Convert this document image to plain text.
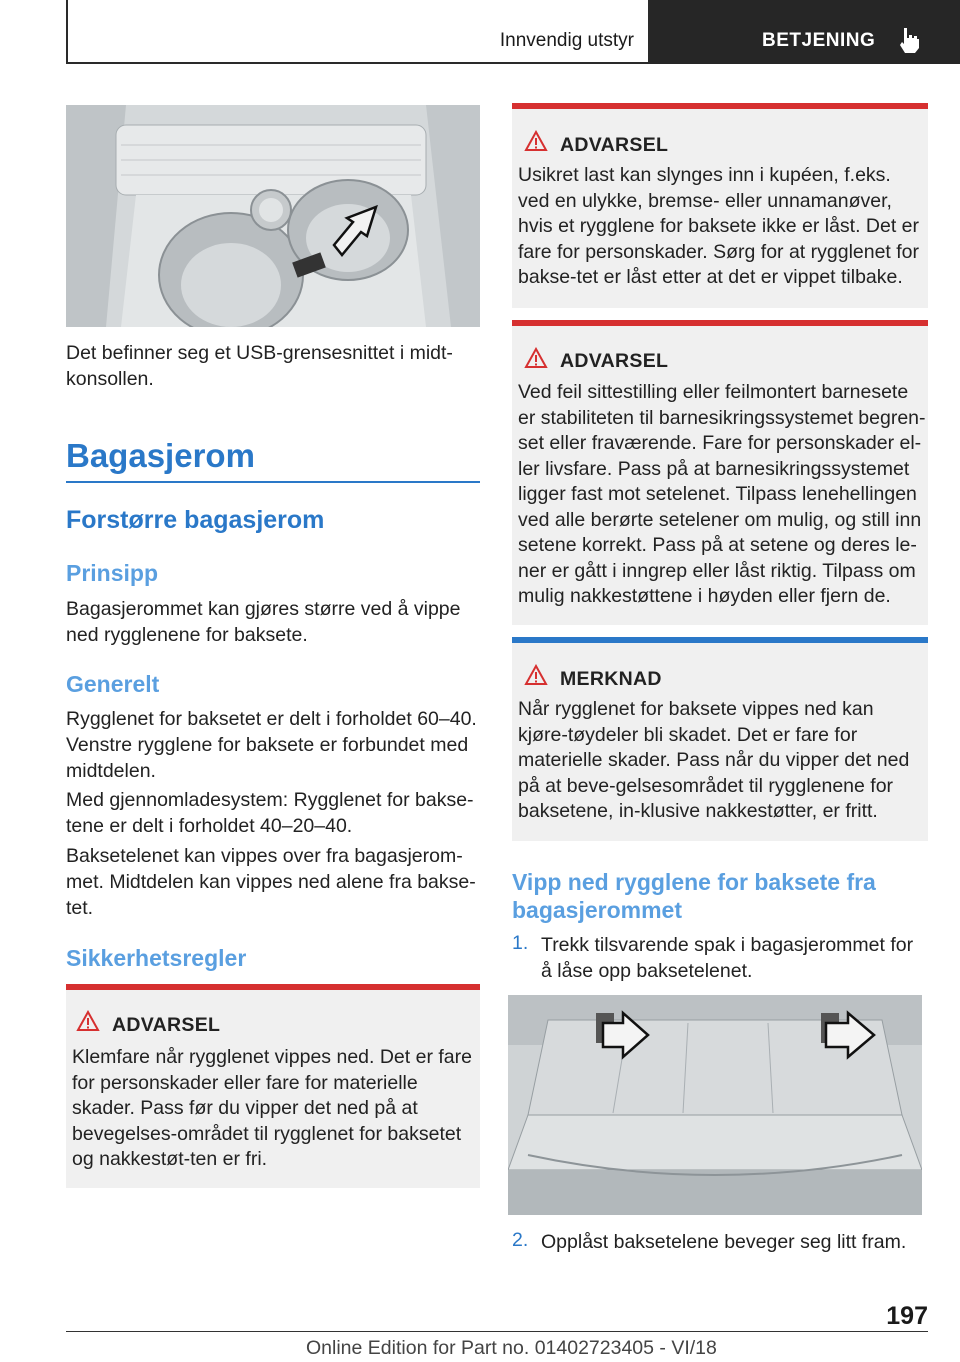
Innvendig utstyr	BETJENING

Det befinner seg et USB-grensesnittet i midt-konsollen.

Bagasjerom
Forstørre bagasjerom
Prinsipp

Bagasjerommet kan gjøres større ved å vippe ned rygglenene for baksete.

Generelt

Rygglenet for baksetet er delt i forholdet 60–40. Venstre rygglene for baksete er forbundet med midtdelen.

Med gjennomladesystem: Rygglenet for bakse-tene er delt i forholdet 40–20–40.

Baksetelenet kan vippes over fra bagasjerom-met. Midtdelen kan vippes ned alene fra bakse-tet.

Sikkerhetsregler
ADVARSEL

Klemfare når rygglenet vippes ned. Det er fare for personskader eller fare for materielle skader. Pass før du vipper det ned på at bevegelses-området til rygglenet for baksetet og nakkestøt-ten er fri.

ADVARSEL

Usikret last kan slynges inn i kupéen, f.eks. ved en ulykke, bremse- eller unnamanøver, hvis et rygglene for baksete ikke er låst. Det er fare for personskader. Sørg for at rygglenet for bakse-tet er låst etter at det er vippet tilbake.

ADVARSEL

Ved feil sittestilling eller feilmontert barnesete er stabiliteten til barnesikringssystemet begren-set eller fraværende. Fare for personskader el-ler livsfare. Pass på at barnesikringssystemet ligger fast mot setelenet. Tilpass lenehellingen ved alle berørte setelener om mulig, og still inn setene korrekt. Pass på at setene og deres le-ner er gått i inngrep eller låst riktig. Tilpass om mulig nakkestøttene i høyden eller fjern de.

MERKNAD

Når rygglenet for baksete vippes ned kan kjøre-tøydeler bli skadet. Det er fare for materielle skader. Pass når du vipper det ned på at beve-gelsesområdet til rygglenene for baksetene, in-klusive nakkestøtter, er fritt.

Vipp ned rygglene for baksete fra bagasjerommet
1. Trekk tilsvarende spak i bagasjerommet for å låse opp baksetelenet.

2. Opplåst baksetelene beveger seg litt fram.

197
Online Edition for Part no. 01402723405 - VI/18
